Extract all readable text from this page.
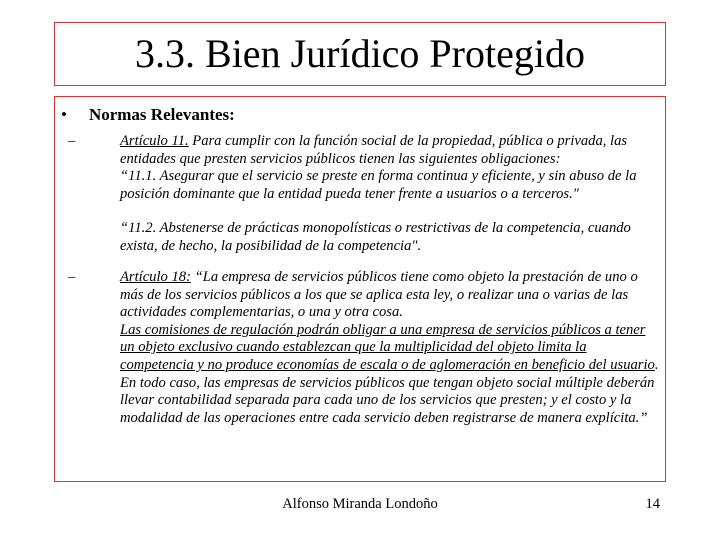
3.3. Bien Jurídico Protegido
• Normas Relevantes:
–	Artículo 11. Para cumplir con la función social de la propiedad, pública o privada, las entidades que presten servicios públicos tienen las siguientes obligaciones:
“11.1. Asegurar que el servicio se preste en forma continua y eficiente, y sin abuso de la posición dominante que la entidad pueda tener frente a usuarios o a terceros."
“11.2. Abstenerse de prácticas monopolísticas o restrictivas de la competencia, cuando exista, de hecho, la posibilidad de la competencia".
–	Artículo 18: “La empresa de servicios públicos tiene como objeto la prestación de uno o más de los servicios públicos a los que se aplica esta ley, o realizar una o varias de las actividades complementarias, o una y otra cosa.
Las comisiones de regulación podrán obligar a una empresa de servicios públicos a tener un objeto exclusivo cuando establezcan que la multiplicidad del objeto limita la competencia y no produce economías de escala o de aglomeración en beneficio del usuario. En todo caso, las empresas de servicios públicos que tengan objeto social múltiple deberán llevar contabilidad separada para cada uno de los servicios que presten; y el costo y la modalidad de las operaciones entre cada servicio deben registrarse de manera explícita.”
Alfonso Miranda Londoño	14
